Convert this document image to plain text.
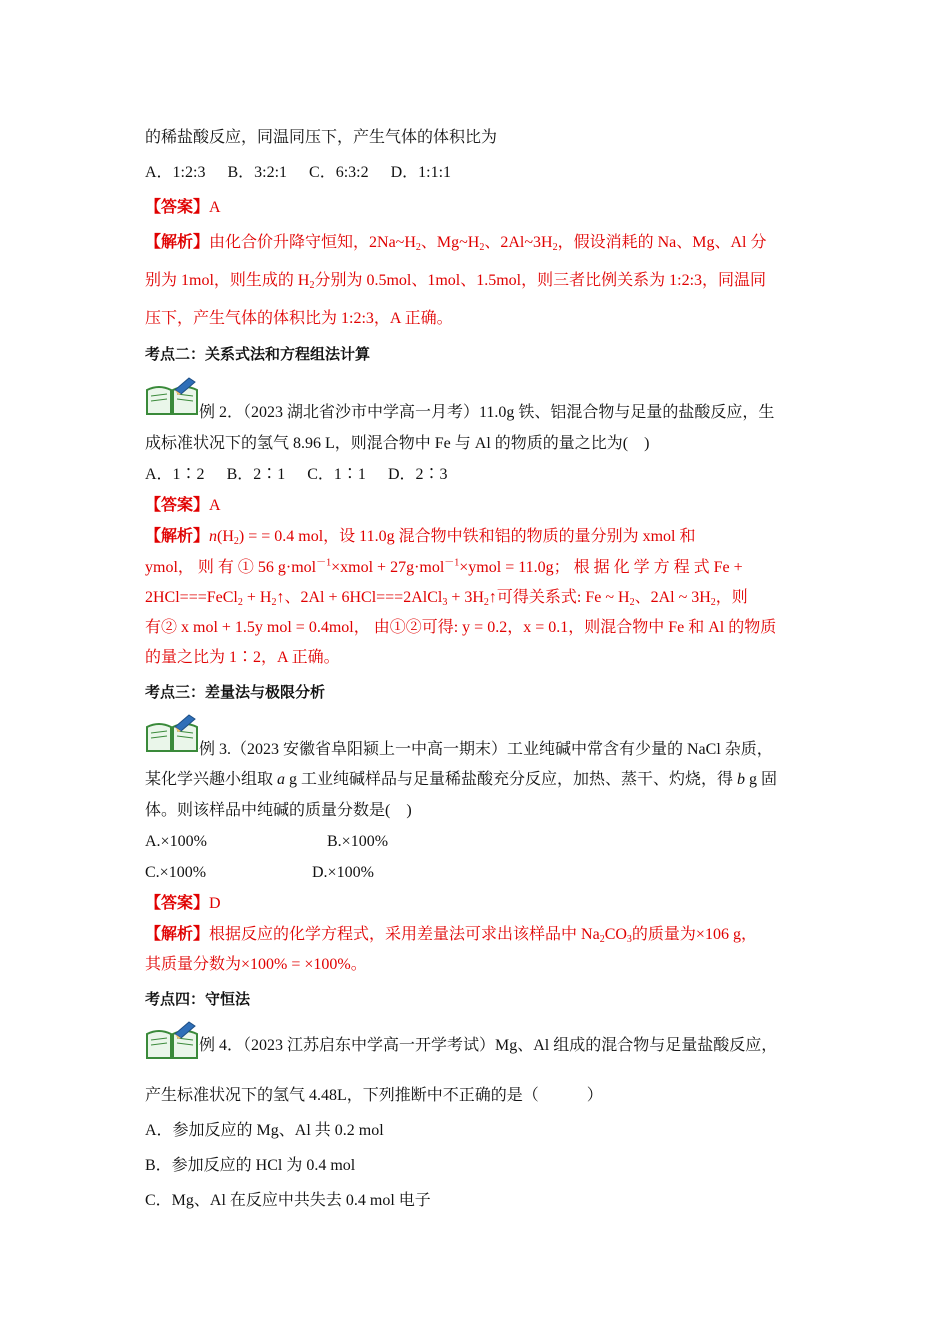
的稀盐酸反应，同温同压下，产生气体的体积比为
A．1:2:3 B．3:2:1 C．6:3:2 D．1:1:1
【答案】A
【解析】由化合价升降守恒知，$2Na\sim H_2$、$Mg\sim H_2$、$2Al\sim 3H_2$，假设消耗的 Na、Mg、Al 分
别为 1mol，则生成的 $H_2$分别为 0.5mol、1mol、1.5mol，则三者比例关系为 1:2:3，同温同
压下，产生气体的体积比为 1:2:3，A 正确。
考点二：关系式法和方程组法计算
例 2．（2023 湖北省沙市中学高一月考）11.0g 铁、铝混合物与足量的盐酸反应，生
成标准状况下的氢气 8.96 L，则混合物中 Fe 与 Al 的物质的量之比为(　)
A．1∶2 B．2∶1 C．1∶1 D．2∶3
【答案】A
【解析】$n(H_2)$ = = 0.4 mol，设 11.0g 混合物中铁和铝的物质的量分别为 xmol 和
ymol， 则 有 ① 56 g·mol$^{-1}$×xmol + 27g·mol$^{-1}$×ymol = 11.0g； 根 据 化 学 方 程 式 Fe +
2HCl===FeCl$_2$ + $H_2↑$、2Al + 6HCl===2AlCl$_3$ + $3H_2↑$可得关系式: Fe ~ $H_2$、2Al ~ $3H_2$，则
有② x mol + 1.5y mol = 0.4mol， 由①②可得: y = 0.2，x = 0.1，则混合物中 Fe 和 Al 的物质
的量之比为 1∶2，A 正确。
考点三：差量法与极限分析
例 3.（2023 安徽省阜阳颍上一中高一期末）工业纯碱中常含有少量的 NaCl 杂质，
某化学兴趣小组取 a g 工业纯碱样品与足量稀盐酸充分反应，加热、蒸干、灼烧，得 b g 固
体。则该样品中纯碱的质量分数是(　)
A.×100%	B.×100%
C.×100%	D.×100%
【答案】D
【解析】根据反应的化学方程式，采用差量法可求出该样品中 $Na_2CO_3$的质量为×106 g，
其质量分数为×100% = ×100%。
考点四：守恒法
例 4．（2023 江苏启东中学高一开学考试）Mg、Al 组成的混合物与足量盐酸反应，
产生标准状况下的氢气 4.48L，下列推断中不正确的是（　　　）
A．参加反应的 Mg、Al 共 0.2 mol
B．参加反应的 HCl 为 0.4 mol
C．Mg、Al 在反应中共失去 0.4 mol 电子
